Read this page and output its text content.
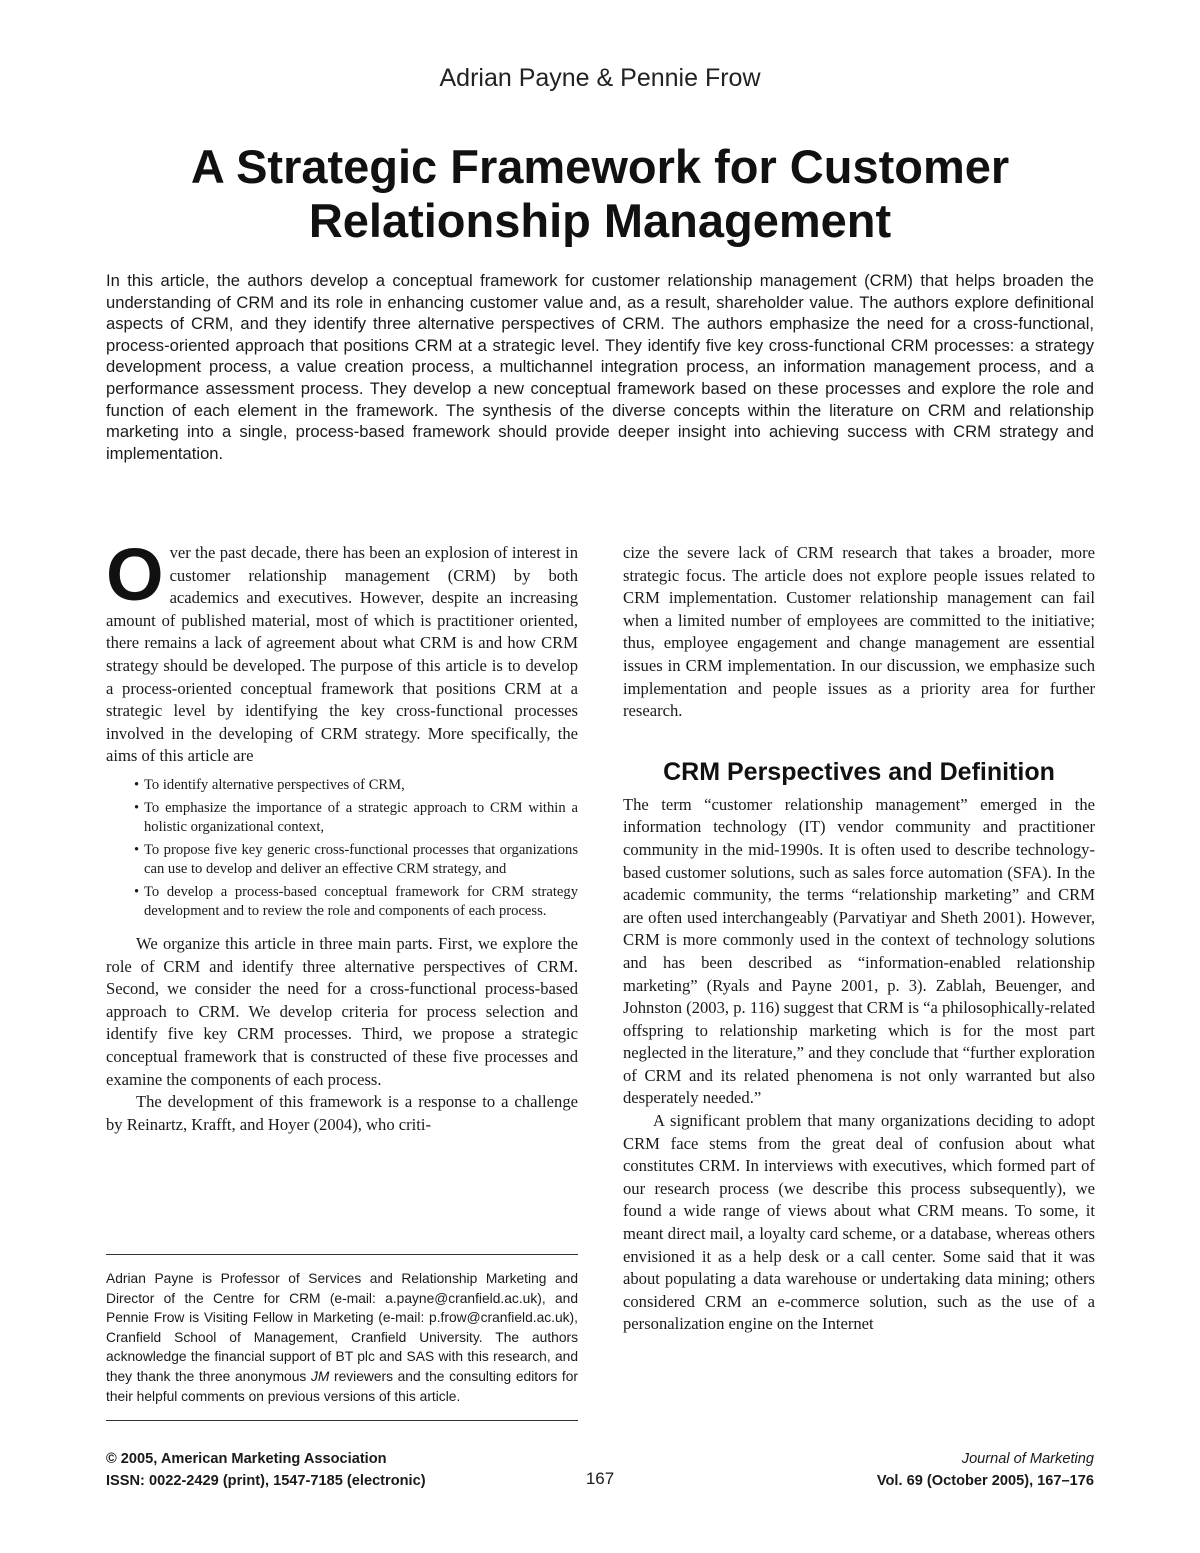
Adrian Payne & Pennie Frow
A Strategic Framework for Customer Relationship Management

In this article, the authors develop a conceptual framework for customer relationship management (CRM) that helps broaden the understanding of CRM and its role in enhancing customer value and, as a result, shareholder value. The authors explore definitional aspects of CRM, and they identify three alternative perspectives of CRM. The authors emphasize the need for a cross-functional, process-oriented approach that positions CRM at a strategic level. They identify five key cross-functional CRM processes: a strategy development process, a value creation process, a multichannel integration process, an information management process, and a performance assessment process. They develop a new conceptual framework based on these processes and explore the role and function of each element in the framework. The synthesis of the diverse concepts within the literature on CRM and relationship marketing into a single, process-based framework should provide deeper insight into achieving success with CRM strategy and implementation.

Over the past decade, there has been an explosion of interest in customer relationship management (CRM) by both academics and executives. However, despite an increasing amount of published material, most of which is practitioner oriented, there remains a lack of agreement about what CRM is and how CRM strategy should be developed. The purpose of this article is to develop a process-oriented conceptual framework that positions CRM at a strategic level by identifying the key cross-functional processes involved in the developing of CRM strategy. More specifically, the aims of this article are

• To identify alternative perspectives of CRM,
• To emphasize the importance of a strategic approach to CRM within a holistic organizational context,
• To propose five key generic cross-functional processes that organizations can use to develop and deliver an effective CRM strategy, and
• To develop a process-based conceptual framework for CRM strategy development and to review the role and components of each process.

We organize this article in three main parts. First, we explore the role of CRM and identify three alternative perspectives of CRM. Second, we consider the need for a cross-functional process-based approach to CRM. We develop criteria for process selection and identify five key CRM processes. Third, we propose a strategic conceptual framework that is constructed of these five processes and examine the components of each process.

The development of this framework is a response to a challenge by Reinartz, Krafft, and Hoyer (2004), who criti-

Adrian Payne is Professor of Services and Relationship Marketing and Director of the Centre for CRM (e-mail: a.payne@cranfield.ac.uk), and Pennie Frow is Visiting Fellow in Marketing (e-mail: p.frow@cranfield.ac.uk), Cranfield School of Management, Cranfield University. The authors acknowledge the financial support of BT plc and SAS with this research, and they thank the three anonymous JM reviewers and the consulting editors for their helpful comments on previous versions of this article.

cize the severe lack of CRM research that takes a broader, more strategic focus. The article does not explore people issues related to CRM implementation. Customer relationship management can fail when a limited number of employees are committed to the initiative; thus, employee engagement and change management are essential issues in CRM implementation. In our discussion, we emphasize such implementation and people issues as a priority area for further research.

CRM Perspectives and Definition

The term “customer relationship management” emerged in the information technology (IT) vendor community and practitioner community in the mid-1990s. It is often used to describe technology-based customer solutions, such as sales force automation (SFA). In the academic community, the terms “relationship marketing” and CRM are often used interchangeably (Parvatiyar and Sheth 2001). However, CRM is more commonly used in the context of technology solutions and has been described as “information-enabled relationship marketing” (Ryals and Payne 2001, p. 3). Zablah, Beuenger, and Johnston (2003, p. 116) suggest that CRM is “a philosophically-related offspring to relationship marketing which is for the most part neglected in the literature,” and they conclude that “further exploration of CRM and its related phenomena is not only warranted but also desperately needed.”

A significant problem that many organizations deciding to adopt CRM face stems from the great deal of confusion about what constitutes CRM. In interviews with executives, which formed part of our research process (we describe this process subsequently), we found a wide range of views about what CRM means. To some, it meant direct mail, a loyalty card scheme, or a database, whereas others envisioned it as a help desk or a call center. Some said that it was about populating a data warehouse or undertaking data mining; others considered CRM an e-commerce solution, such as the use of a personalization engine on the Internet

© 2005, American Marketing Association
ISSN: 0022-2429 (print), 1547-7185 (electronic)	167
Journal of Marketing
Vol. 69 (October 2005), 167–176
